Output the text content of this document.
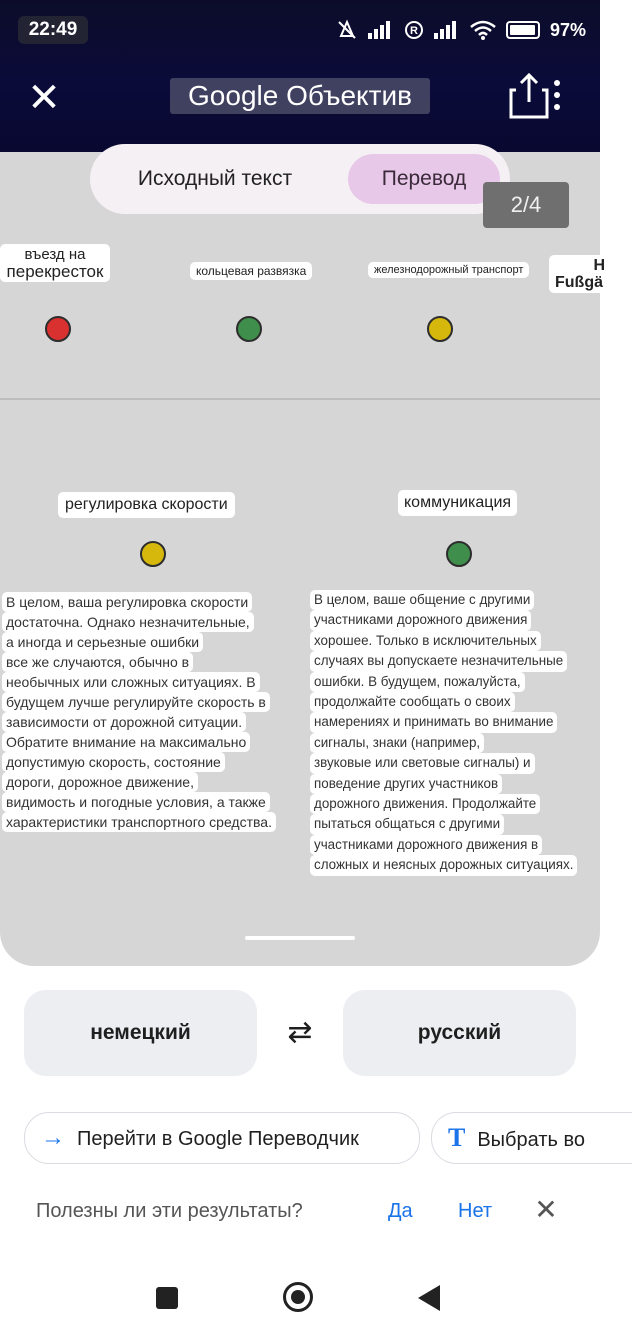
22:49	R	97%
✕	Google Объектив
въезд на
перекресток	кольцевая развязка	железнодорожный транспорт	H
Fußgä
регулировка скорости	коммуникация
В целом, ваша регулировка скорости
достаточна. Однако незначительные,
а иногда и серьезные ошибки
все же случаются, обычно в
необычных или сложных ситуациях. В
будущем лучше регулируйте скорость в
зависимости от дорожной ситуации.
Обратите внимание на максимально
допустимую скорость, состояние
дороги, дорожное движение,
видимость и погодные условия, а также
характеристики транспортного средства.
В целом, ваше общение с другими
участниками дорожного движения
хорошее. Только в исключительных
случаях вы допускаете незначительные
ошибки. В будущем, пожалуйста,
продолжайте сообщать о своих
намерениях и принимать во внимание
сигналы, знаки (например,
звуковые или световые сигналы) и
поведение других участников
дорожного движения. Продолжайте
пытаться общаться с другими
участниками дорожного движения в
сложных и неясных дорожных ситуациях.
Исходный текст	Перевод
2/4
немецкий	⇄	русский
→ Перейти в Google Переводчик	T Выбрать во
Полезны ли эти результаты?	Да Нет ✕
